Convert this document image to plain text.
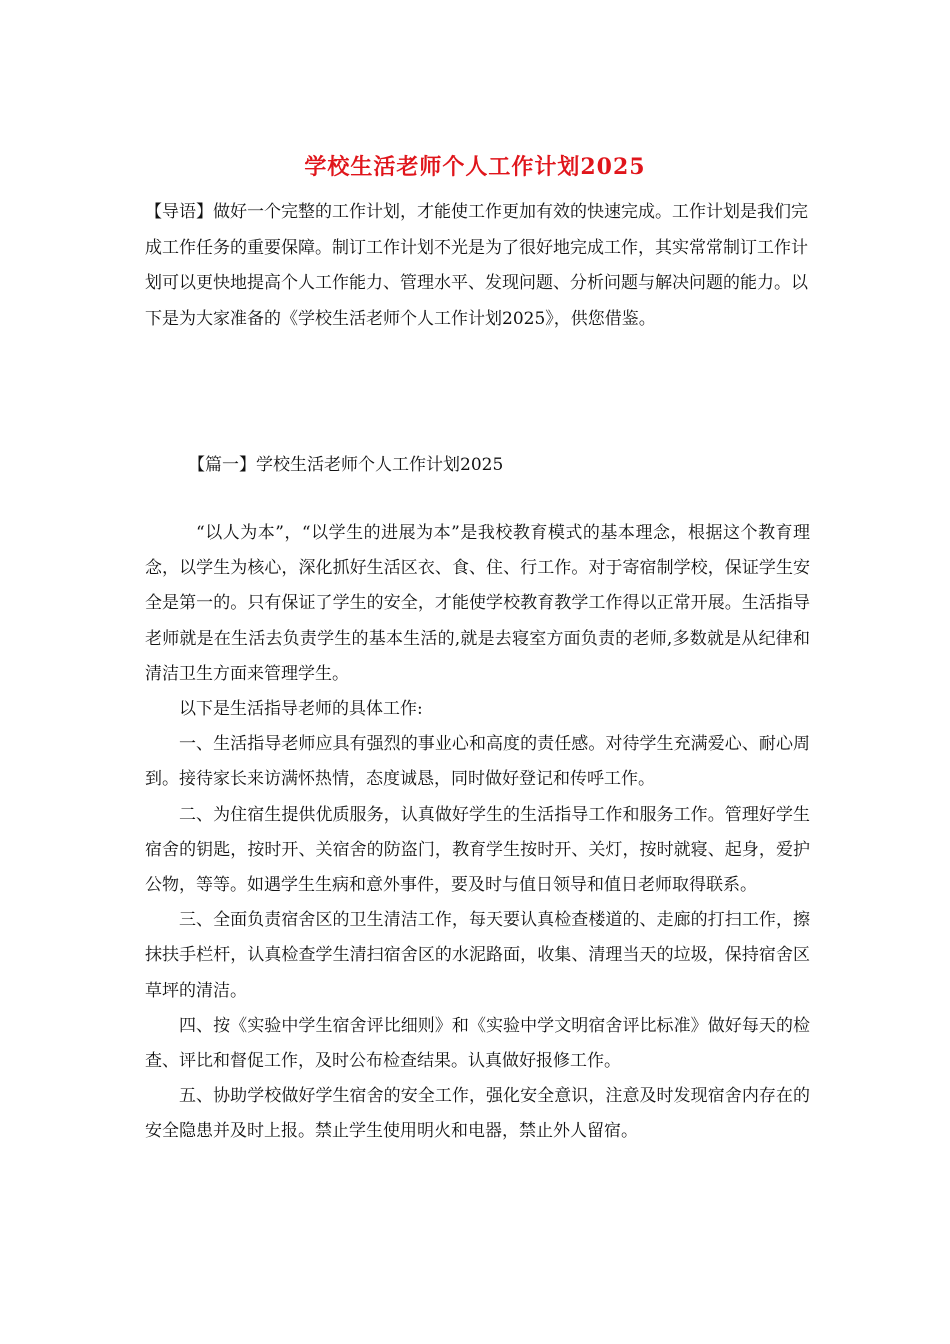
学校生活老师个人工作计划2025
【导语】做好一个完整的工作计划，才能使工作更加有效的快速完成。工作计划是我们完成工作任务的重要保障。制订工作计划不光是为了很好地完成工作，其实常常制订工作计划可以更快地提高个人工作能力、管理水平、发现问题、分析问题与解决问题的能力。以下是为大家准备的《学校生活老师个人工作计划2025》，供您借鉴。
【篇一】学校生活老师个人工作计划2025

“以人为本”，“以学生的进展为本”是我校教育模式的基本理念，根据这个教育理念，以学生为核心，深化抓好生活区衣、食、住、行工作。对于寄宿制学校，保证学生安全是第一的。只有保证了学生的安全，才能使学校教育教学工作得以正常开展。生活指导老师就是在生活去负责学生的基本生活的,就是去寝室方面负责的老师,多数就是从纪律和清洁卫生方面来管理学生。

以下是生活指导老师的具体工作:

一、生活指导老师应具有强烈的事业心和高度的责任感。对待学生充满爱心、耐心周到。接待家长来访满怀热情，态度诚恳，同时做好登记和传呼工作。

二、为住宿生提供优质服务，认真做好学生的生活指导工作和服务工作。管理好学生宿舍的钥匙，按时开、关宿舍的防盗门，教育学生按时开、关灯，按时就寝、起身，爱护公物，等等。如遇学生生病和意外事件，要及时与值日领导和值日老师取得联系。

三、全面负责宿舍区的卫生清洁工作，每天要认真检查楼道的、走廊的打扫工作，擦抹扶手栏杆，认真检查学生清扫宿舍区的水泥路面，收集、清理当天的垃圾，保持宿舍区草坪的清洁。

四、按《实验中学生宿舍评比细则》和《实验中学文明宿舍评比标准》做好每天的检查、评比和督促工作，及时公布检查结果。认真做好报修工作。

五、协助学校做好学生宿舍的安全工作，强化安全意识，注意及时发现宿舍内存在的安全隐患并及时上报。禁止学生使用明火和电器，禁止外人留宿。
